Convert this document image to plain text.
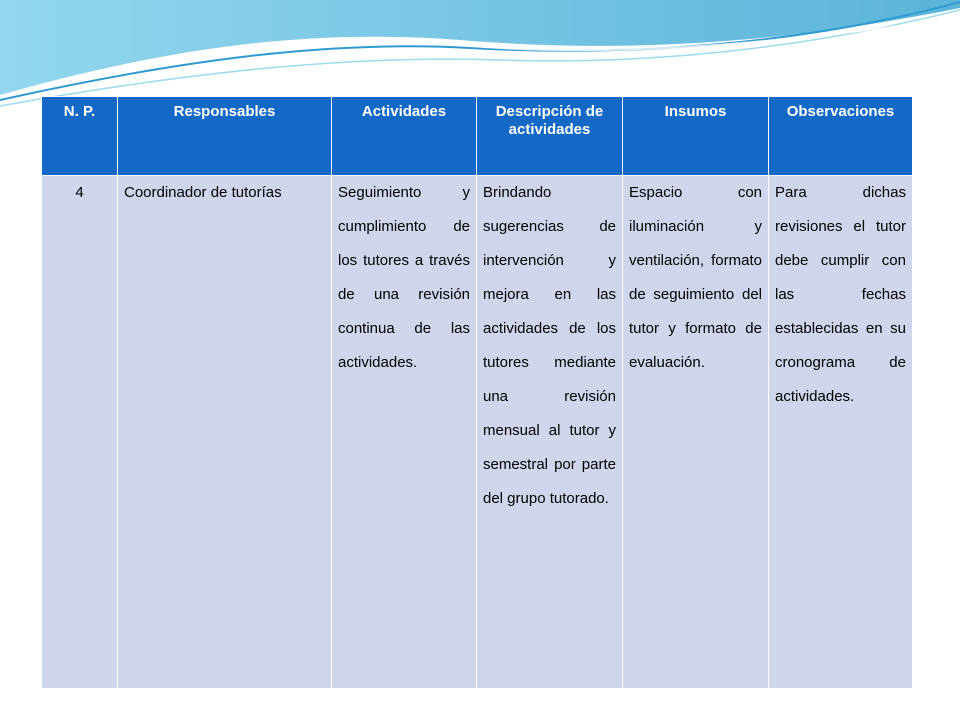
N. P.	Responsables	Actividades	Descripción de actividades	Insumos	Observaciones
4	Coordinador de tutorías	Seguimiento y cumplimiento de los tutores a través de una revisión continua de las actividades.	Brindando sugerencias de intervención y mejora en las actividades de los tutores mediante una revisión mensual al tutor y semestral por parte del grupo tutorado.	Espacio con iluminación y ventilación, formato de seguimiento del tutor y formato de evaluación.	Para dichas revisiones el tutor debe cumplir con las fechas establecidas en su cronograma de actividades.
